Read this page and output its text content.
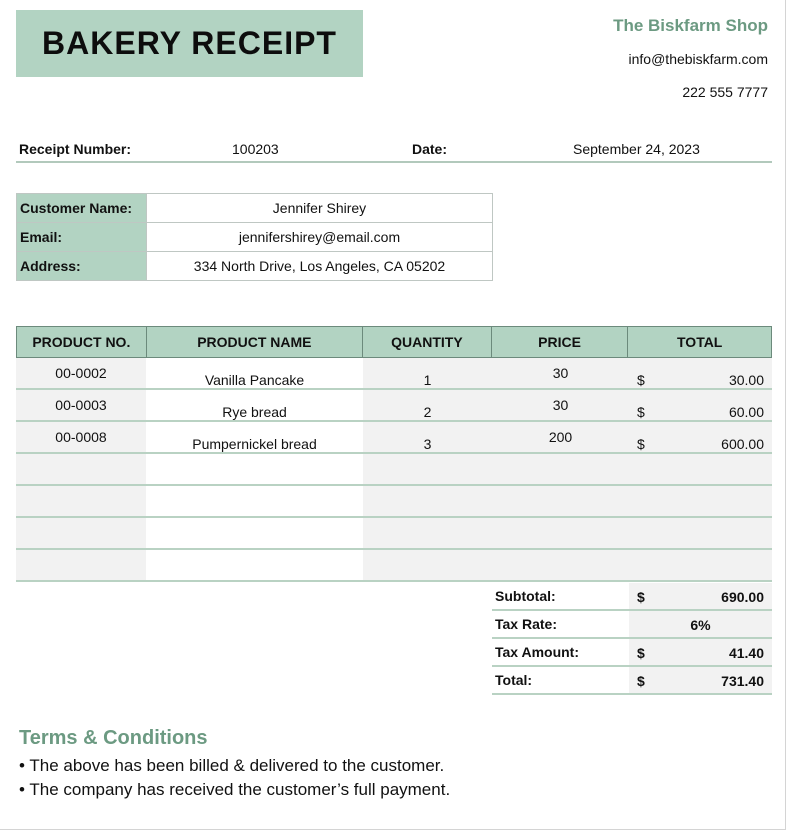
BAKERY RECEIPT	The Biskfarm Shop
info@thebiskfarm.com
222 555 7777
Receipt Number:	100203	Date:	September 24, 2023
Customer Name:	Jennifer Shirey
Email:	jennifershirey@email.com
Address:	334 North Drive, Los Angeles, CA 05202
PRODUCT NO.	PRODUCT NAME	QUANTITY	PRICE	TOTAL
00-0002	Vanilla Pancake	1	30	$	30.00
00-0003	Rye bread	2	30	$	60.00
00-0008	Pumpernickel bread	3	200	$	600.00
Subtotal:	$	690.00
Tax Rate:	6%
Tax Amount:	$	41.40
Total:	$	731.40
Terms & Conditions
• The above has been billed & delivered to the customer.
• The company has received the customer’s full payment.
